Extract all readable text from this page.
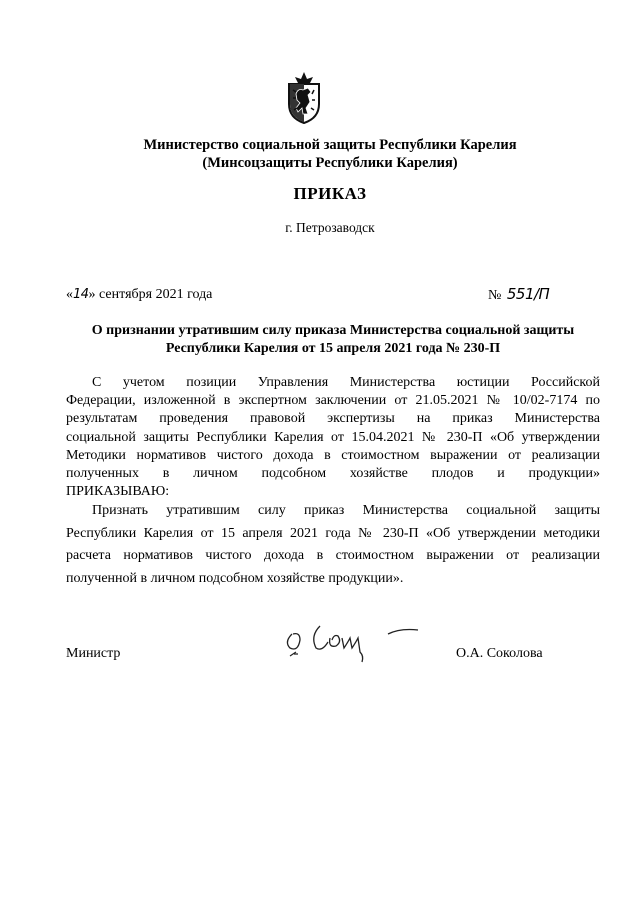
Министерство социальной защиты Республики Карелия
(Минсоцзащиты Республики Карелия)
ПРИКАЗ
г. Петрозаводск
«14» сентября 2021 года	№ 551/П
О признании утратившим силу приказа Министерства социальной защиты
Республики Карелия от 15 апреля 2021 года № 230-П
С учетом позиции Управления Министерства юстиции Российской
Федерации, изложенной в экспертном заключении от 21.05.2021 № 10/02-7174 по
результатам проведения правовой экспертизы на приказ Министерства
социальной защиты Республики Карелия от 15.04.2021 № 230-П «Об утверждении
Методики нормативов чистого дохода в стоимостном выражении от реализации
полученных в личном подсобном хозяйстве плодов и продукции»
ПРИКАЗЫВАЮ:
Признать утратившим силу приказ Министерства социальной защиты
Республики Карелия от 15 апреля 2021 года № 230-П «Об утверждении методики
расчета нормативов чистого дохода в стоимостном выражении от реализации
полученной в личном подсобном хозяйстве продукции».
Министр	О.А. Соколова
